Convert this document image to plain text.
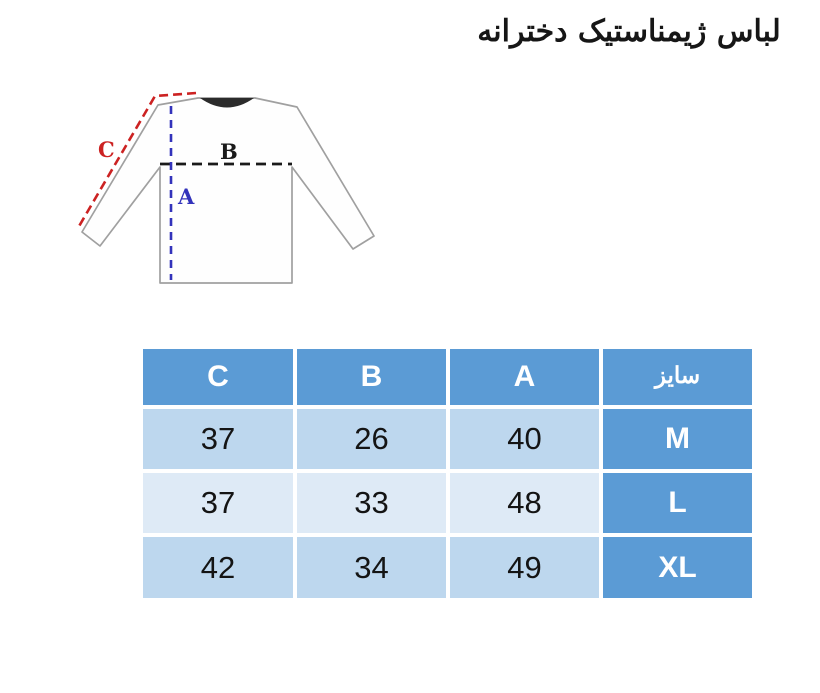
لباس ژیمناستیک دخترانه
C	B
A
C	B	A	سایز
37	26	40	M
37	33	48	L
42	34	49	XL
